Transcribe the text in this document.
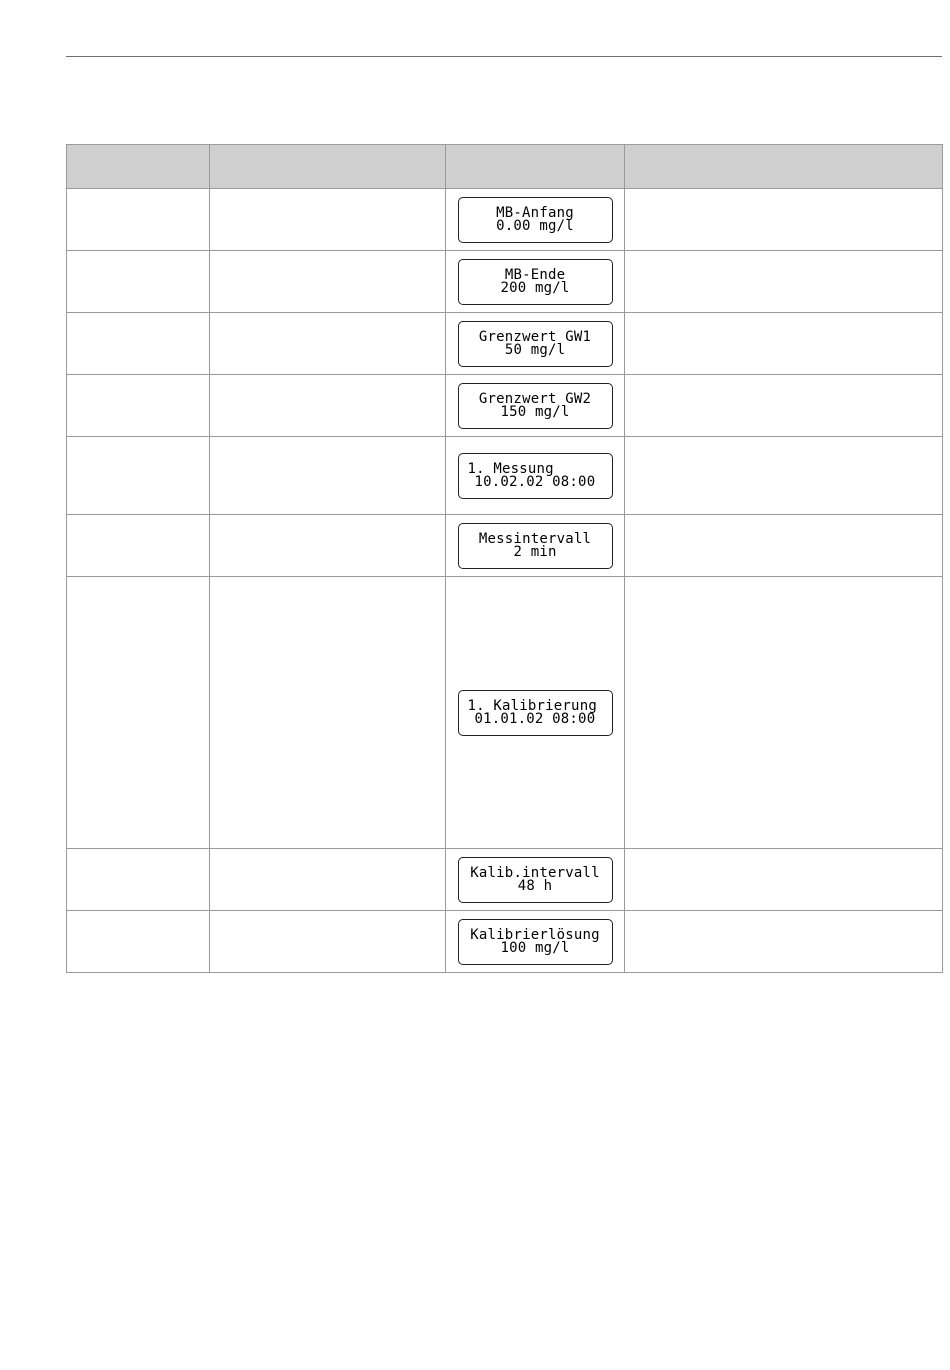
		MB-Anfang
0.00 mg/l	

		MB-Ende
200 mg/l	

		Grenzwert GW1
50 mg/l	

		Grenzwert GW2
150 mg/l	

		1. Messung
10.02.02 08:00	

		Messintervall
2 min	

		1. Kalibrierung
01.01.02 08:00	

		Kalib.intervall
48 h	

		Kalibrierlösung
100 mg/l	
